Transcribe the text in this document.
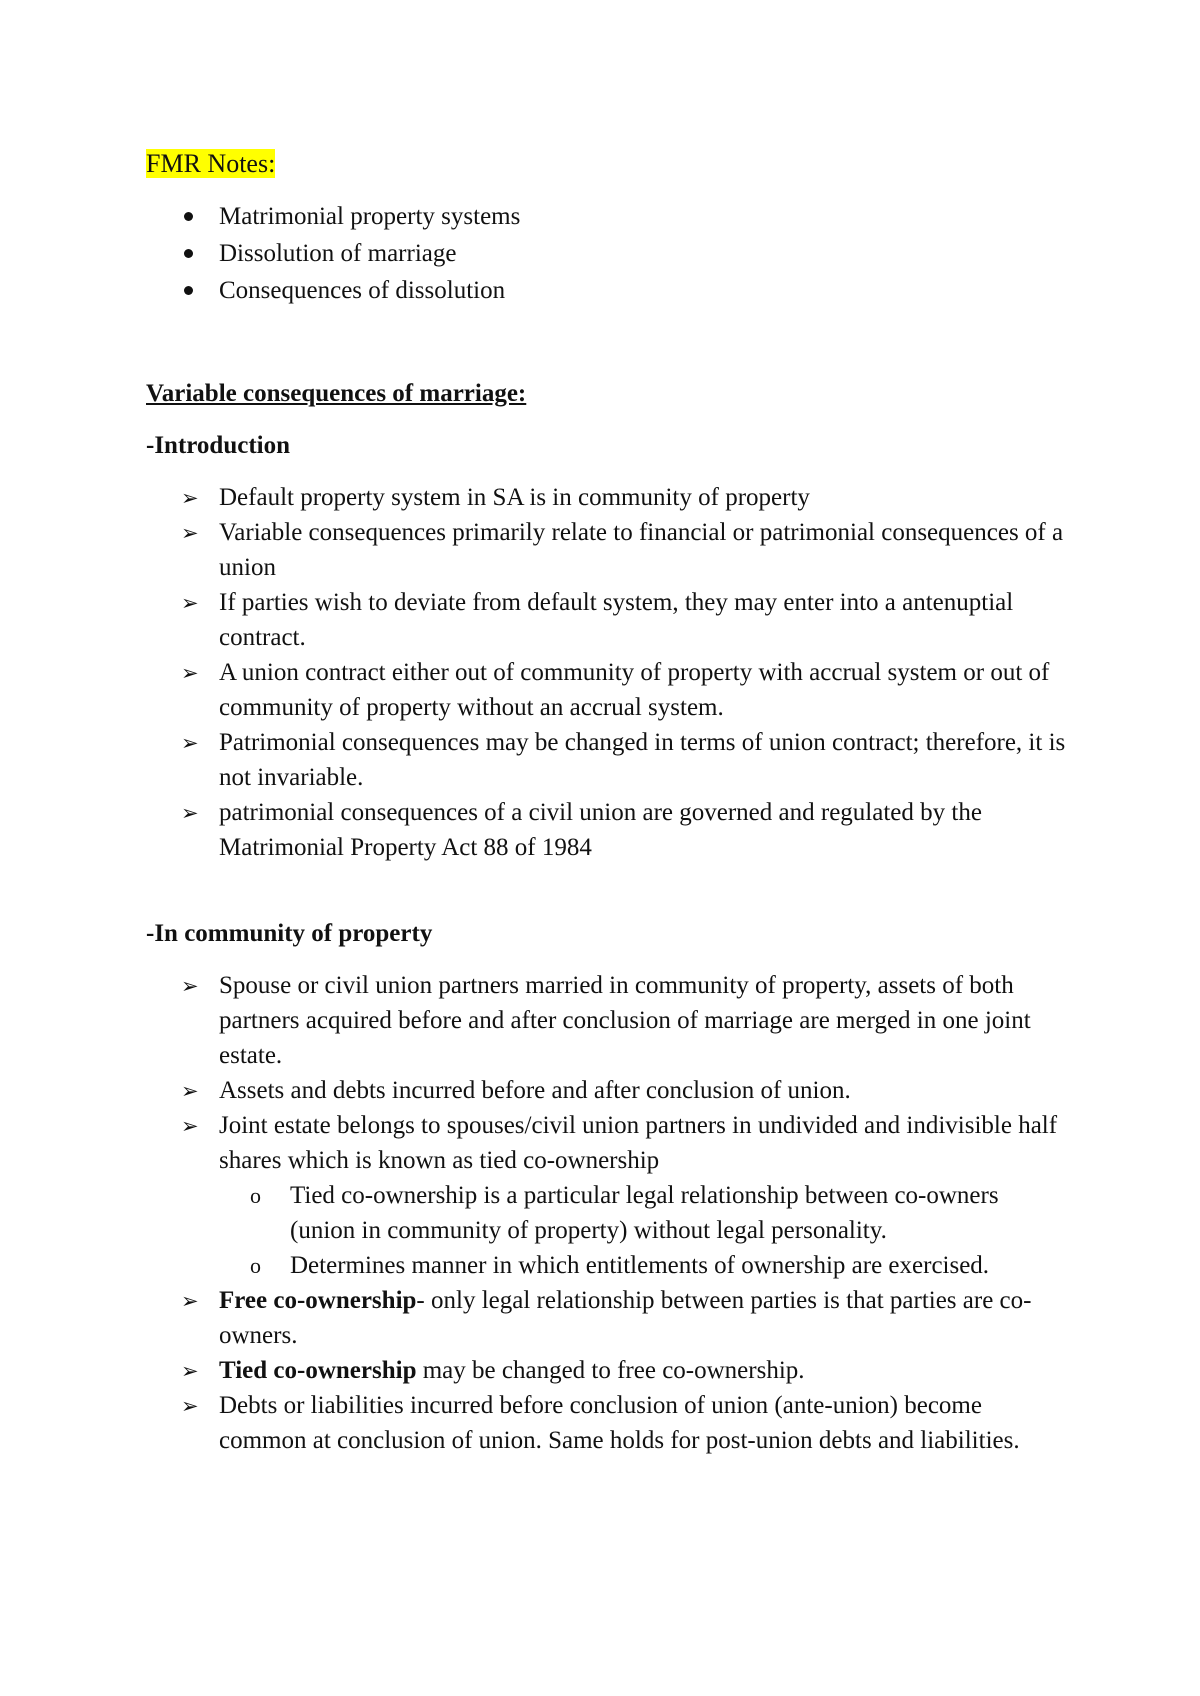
FMR Notes:

Matrimonial property systems
Dissolution of marriage
Consequences of dissolution

Variable consequences of marriage:

-Introduction

➢ Default property system in SA is in community of property
➢ Variable consequences primarily relate to financial or patrimonial consequences of a union
➢ If parties wish to deviate from default system, they may enter into a antenuptial contract.
➢ A union contract either out of community of property with accrual system or out of community of property without an accrual system.
➢ Patrimonial consequences may be changed in terms of union contract; therefore, it is not invariable.
➢ patrimonial consequences of a civil union are governed and regulated by the Matrimonial Property Act 88 of 1984

-In community of property

➢ Spouse or civil union partners married in community of property, assets of both partners acquired before and after conclusion of marriage are merged in one joint estate.
➢ Assets and debts incurred before and after conclusion of union.
➢ Joint estate belongs to spouses/civil union partners in undivided and indivisible half shares which is known as tied co-ownership
o Tied co-ownership is a particular legal relationship between co-owners (union in community of property) without legal personality.
o Determines manner in which entitlements of ownership are exercised.
➢ Free co-ownership- only legal relationship between parties is that parties are co-owners.
➢ Tied co-ownership may be changed to free co-ownership.
➢ Debts or liabilities incurred before conclusion of union (ante-union) become common at conclusion of union. Same holds for post-union debts and liabilities.
